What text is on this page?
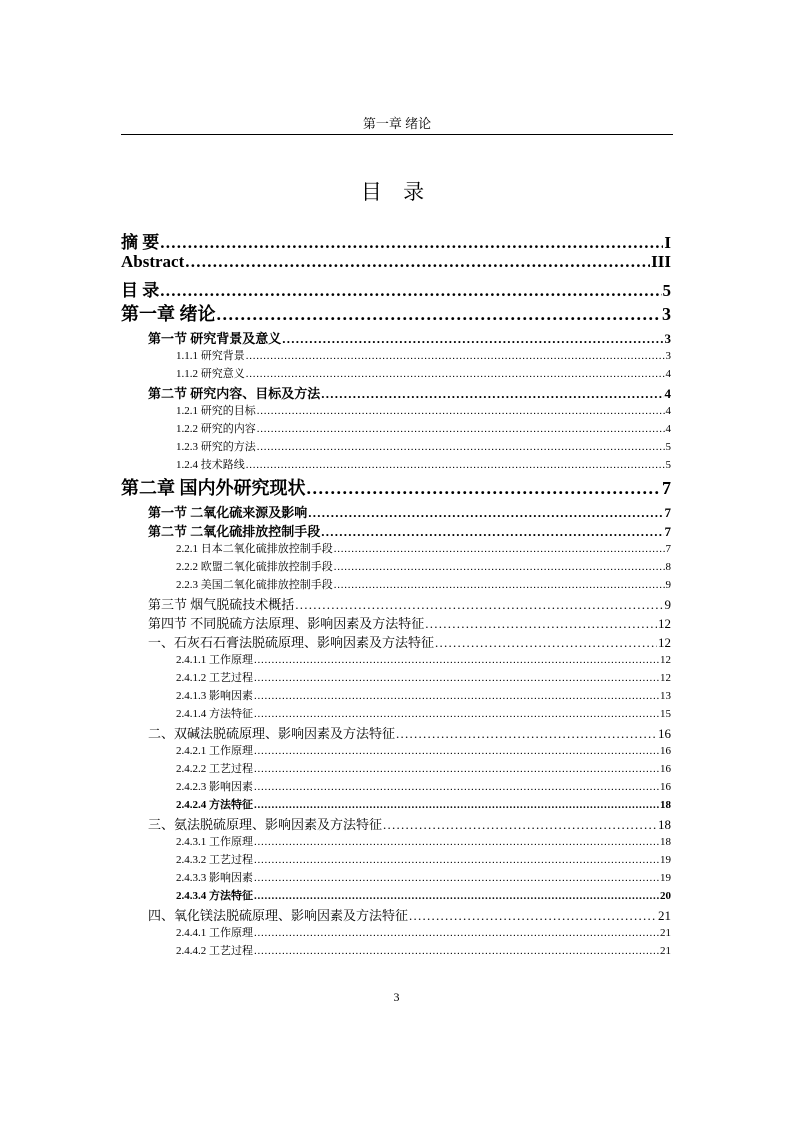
第一章 绪论
目 录
摘 要 . . .	I
Abstract . . .	III
目 录 . . .	5
第一章 绪论 . . .	3
第一节 研究背景及意义 . . .	3
1.1.1 研究背景 . . .	3
1.1.2 研究意义 . . .	4
第二节 研究内容、目标及方法 . . .	4
1.2.1 研究的目标 . . .	4
1.2.2 研究的内容 . . .	4
1.2.3 研究的方法 . . .	5
1.2.4 技术路线 . . .	5
第二章 国内外研究现状 . . .	7
第一节 二氧化硫来源及影响 . . .	7
第二节 二氧化硫排放控制手段 . . .	7
2.2.1 日本二氧化硫排放控制手段 . . .	7
2.2.2 欧盟二氧化硫排放控制手段 . . .	8
2.2.3 美国二氧化硫排放控制手段 . . .	9
第三节 烟气脱硫技术概括 . . .	9
第四节 不同脱硫方法原理、影响因素及方法特征 . . .	12
一、石灰石石膏法脱硫原理、影响因素及方法特征 . . .	12
2.4.1.1 工作原理 . . .	12
2.4.1.2 工艺过程 . . .	12
2.4.1.3 影响因素 . . .	13
2.4.1.4 方法特征 . . .	15
二、双碱法脱硫原理、影响因素及方法特征 . . .	16
2.4.2.1 工作原理 . . .	16
2.4.2.2 工艺过程 . . .	16
2.4.2.3 影响因素 . . .	16
2.4.2.4 方法特征 . . .	18
三、氨法脱硫原理、影响因素及方法特征 . . .	18
2.4.3.1 工作原理 . . .	18
2.4.3.2 工艺过程 . . .	19
2.4.3.3 影响因素 . . .	19
2.4.3.4 方法特征 . . .	20
四、氧化镁法脱硫原理、影响因素及方法特征 . . .	21
2.4.4.1 工作原理 . . .	21
2.4.4.2 工艺过程 . . .	21
3
